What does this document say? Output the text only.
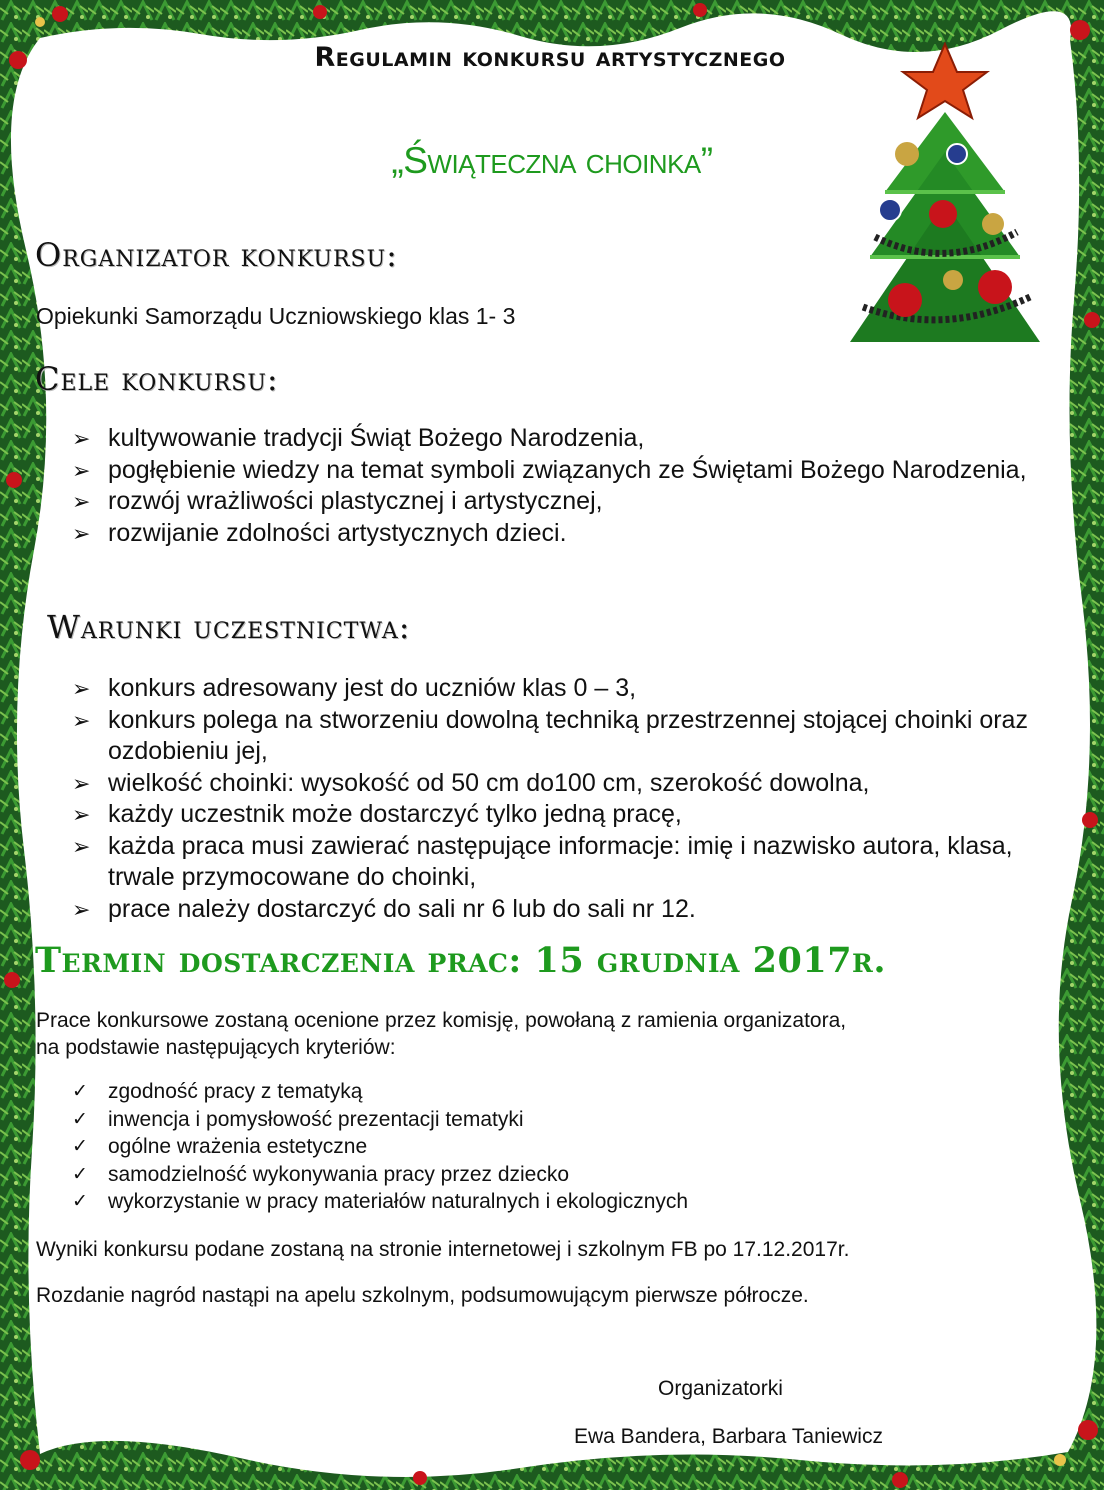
Regulamin konkursu artystycznego
„Świąteczna choinka”
Organizator konkursu:
Opiekunki Samorządu Uczniowskiego klas 1- 3
Cele konkursu:
➢ kultywowanie tradycji Świąt Bożego Narodzenia,
➢ pogłębienie wiedzy na temat symboli związanych ze Świętami Bożego Narodzenia,
➢ rozwój wrażliwości plastycznej i artystycznej,
➢ rozwijanie zdolności artystycznych dzieci.
Warunki uczestnictwa:
➢ konkurs adresowany jest do uczniów klas 0 – 3,
➢ konkurs polega na stworzeniu dowolną techniką przestrzennej stojącej choinki oraz ozdobieniu jej,
➢ wielkość choinki: wysokość od 50 cm do100 cm, szerokość dowolna,
➢ każdy uczestnik może dostarczyć tylko jedną pracę,
➢ każda praca musi zawierać następujące informacje: imię i nazwisko autora, klasa, trwale przymocowane do choinki,
➢ prace należy dostarczyć do sali nr 6 lub do sali nr 12.
Termin dostarczenia prac: 15 grudnia 2017r.
Prace konkursowe zostaną ocenione przez komisję, powołaną z ramienia organizatora,
na podstawie następujących kryteriów:
✓ zgodność pracy z tematyką
✓ inwencja i pomysłowość prezentacji tematyki
✓ ogólne wrażenia estetyczne
✓ samodzielność wykonywania pracy przez dziecko
✓ wykorzystanie w pracy materiałów naturalnych i ekologicznych
Wyniki konkursu podane zostaną na stronie internetowej i szkolnym FB po 17.12.2017r.
Rozdanie nagród nastąpi na apelu szkolnym, podsumowującym pierwsze półrocze.
Organizatorki
Ewa Bandera, Barbara Taniewicz
